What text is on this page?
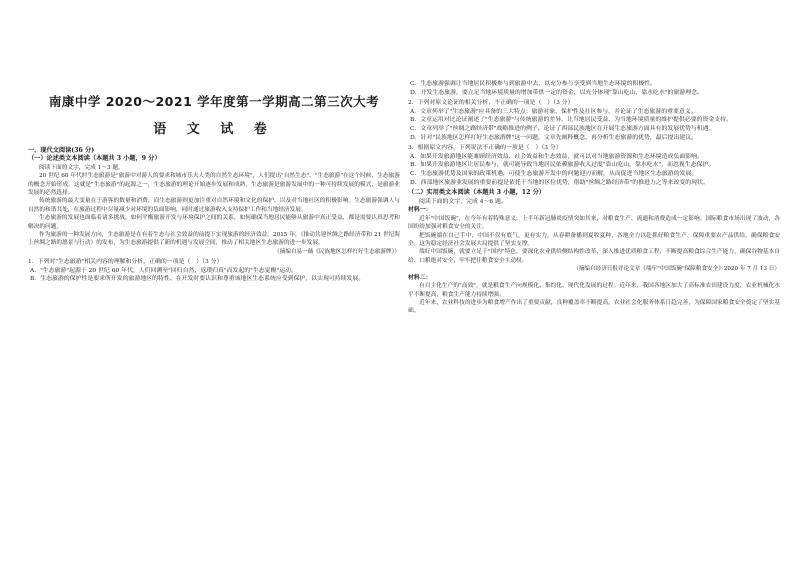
南康中学 2020～2021 学年度第一学期高二第三次大考
语 文 试 卷

一、现代文阅读(36 分)

（一）论述类文本阅读（本题共 3 小题，9 分）

阅读下面的文字，完成 1～3 题。

20 世纪 60 年代时生态旅游是"旅游中对游人的要求和城市乐夫人类的自然生态环境"，人们提出"自然生态"、"生态旅游"在这个时候，生态旅游的概念开始形成，这就是"生态旅游"的起源之一，生态旅游的理论开始逐步发展和成熟，生态旅游是旅游发展中的一种可持续发展的模式，是旅游业发展的必然选择。

传统旅游的最大变量在于游客的数量和消费，而生态旅游则更加注重对自然环境和文化的保护，以及对当地社区的积极影响。生态旅游强调人与自然的和谐共处，在旅游过程中尽量减少对环境的负面影响，同时通过旅游收入支持保护工作和当地经济发展。

生态旅游的发展也面临着诸多挑战，如何平衡旅游开发与环境保护之间的关系，如何确保当地居民能够从旅游中真正受益，都是需要认真思考和解决的问题。

作为旅游的一种发展方向，生态旅游是在有着生态与社会效益的前提下实现旅游的经济效益。2015 年，《推动共建丝绸之路经济带和 21 世纪海上丝绸之路的愿景与行动》的发布，为生态旅游提供了新的机遇与发展空间，推动了相关地区生态旅游的进一步发展。

（摘编自易一薇《民族地区怎样打好生态旅游牌》）

1．下列对"生态旅游"相关内容的理解和分析，正确的一项是（　）（3 分）

A．"生态旅游"起源于 20 世纪 60 年代，人们回溯至"回归自然，返璞归真"而发起的"生态觉醒"运动。

B．生态旅游的保护性是要求所开发的旅游地区的特性、在开发时要认识和尊重该地区生态系统应受到保护，以实现可持续发展。

C．生态旅游强调让当地居民积极参与到旅游中去，以充分参与享受到当地生态环境的积极性。

D．开发生态旅游，要立足当地环境质量的增加带供一定的资金，以充分体现"靠山吃山、靠水吃水"的旅游理念。

2．下列对原文论证的相关分析，不正确的一项是（　）（3 分）

A．文章列举了"生态旅游"应具备的三大特点：旅游对象、保护性及社区参与，并论证了生态旅游的重要意义。

B．文章运用对比论证阐述了"生态旅游"与传统旅游的差异，让当地居民受益、为当地环境质量的维护提供必要的资金支持。

C．文章列举了"丝绸之路经济带"战略推进的例子，论证了西部民族地区在开展生态旅游方面具有的发展优势与机遇。

D．针对"民族地区怎样打好生态旅游牌"这一问题，文章先阐释概念，再分析生态旅游的优势，最后提出建议。

3．根据原文内容，下列说法不正确的一项是（　）（3 分）

A．如果开发旅游地区能兼顾经济效益、社会效益和生态效益，就可以对当地旅游资源和生态环境造成负面影响。

B．如果开发旅游地区让居民参与，就可能导致当地居民依赖旅游收入过度"靠山吃山，靠水吃水"，而忽视生态保护。

C．生态旅游优势及国家的政策机遇，可使生态旅游开发中的问题迎刃而解，从而促进当地区生态旅游的发展。

D．西部地区旅游业发展的重要前提是依托于当地的区位优势，借助"丝绸之路经济带"的推进力之等来改变的现状。

（二）实用类文本阅读（本题共 3 小题，12 分）

阅读下面的文字，完成 4～6 题。

材料一：

近年"中国饭碗"，在今年有着特殊意义。上半年新冠肺炎疫情突如其来，对粮食生产、流通和消费造成一定影响。国际粮食市场出现了波动，各国纷纷加强对粮食安全的关注。

把饭碗端在自己手中，中国不仅有底气，更有实力。从春耕备播到夏收夏种，各地全力以赴抓好粮食生产，保障重要农产品供给，确保粮食安全。这为稳定经济社会发展大局提供了坚实支撑。

端好中国饭碗，就要立足于"国内"特色，要深化农业供给侧结构性改革，深入推进优质粮食工程，不断提高粮食综合生产能力，确保谷物基本自给、口粮绝对安全，牢牢把住粮食安全主动权。

（摘编自经济日报评论文章《端牢"中国饭碗"保障粮食安全》2020 年 7 月 13 日）

材料二：

有自主化生产的"高效"，就是粮食生产向规模化、集约化、现代化发展的过程。近年来，我国各地区加大了高标准农田建设力度，农业机械化水平不断提高，粮食生产能力持续增强。

近年来，农业科技的进步为粮食增产作出了重要贡献，良种覆盖率不断提高，农业社会化服务体系日趋完善，为保障国家粮食安全奠定了坚实基础。
